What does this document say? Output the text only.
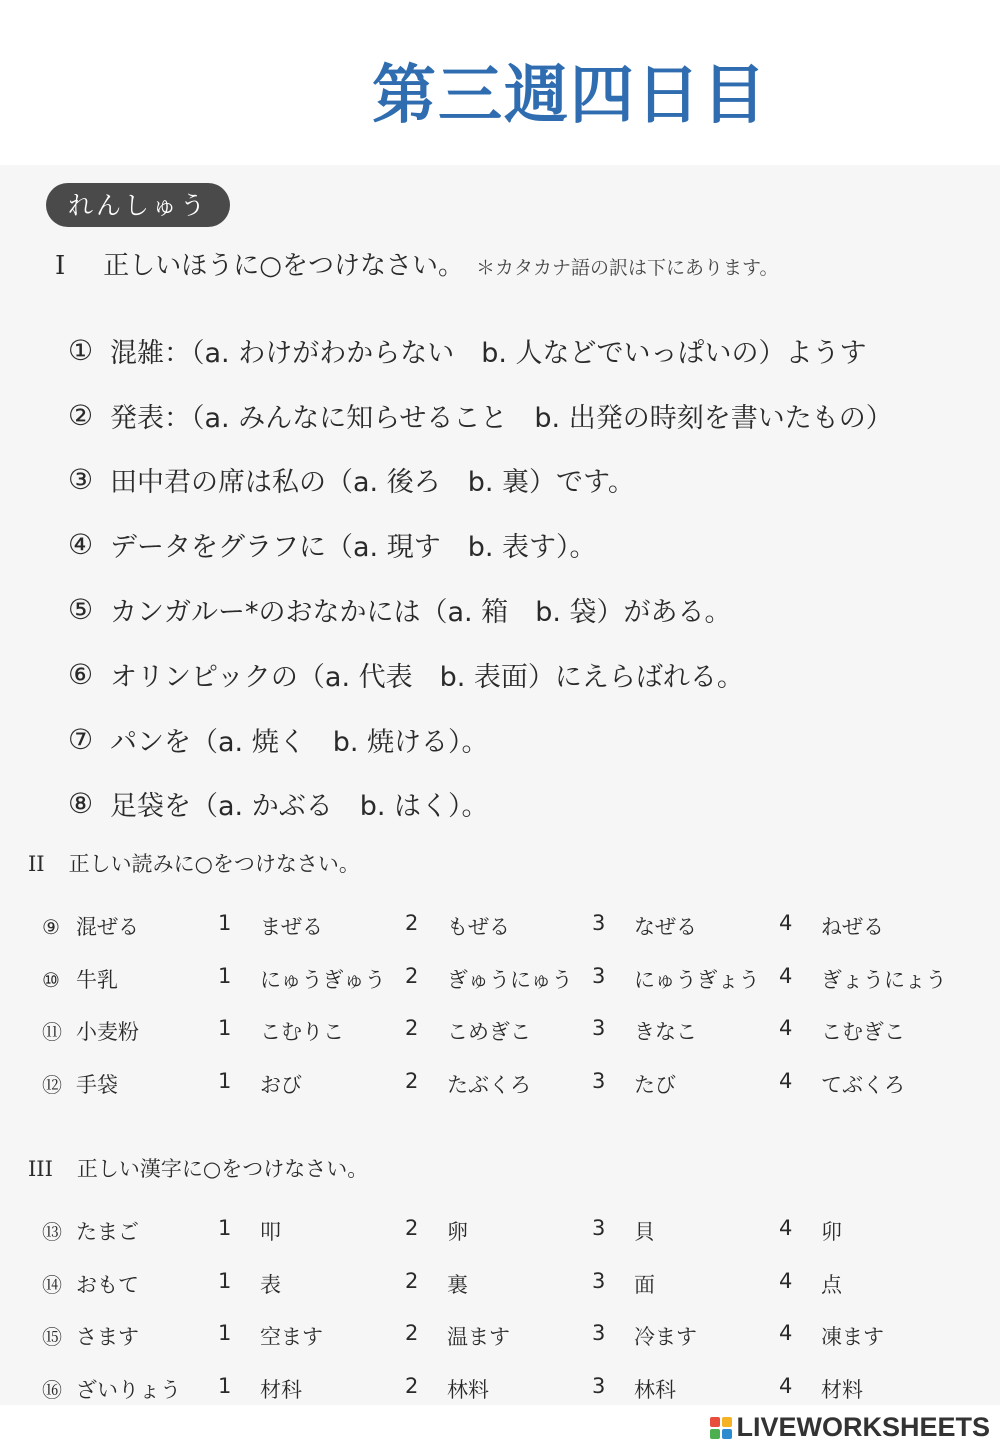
第三週四日目
れんしゅう
I 正しいほうに○をつけなさい。 ＊カタカナ語の訳は下にあります。
① 混雑：（a. わけがわからない　b. 人などでいっぱいの）ようす
② 発表：（a. みんなに知らせること　b. 出発の時刻を書いたもの）
③ 田中君の席は私の（a. 後ろ　b. 裏）です。
④ データをグラフに（a. 現す　b. 表す）。
⑤ カンガルー*のおなかには（a. 箱　b. 袋）がある。
⑥ オリンピックの（a. 代表　b. 表面）にえらばれる。
⑦ パンを（a. 焼く　b. 焼ける）。
⑧ 足袋を（a. かぶる　b. はく）。
II 正しい読みに○をつけなさい。
⑨ 混ぜる	1	まぜる	2	もぜる	3	なぜる	4	ねぜる
⑩ 牛乳	1	にゅうぎゅう 2	ぎゅうにゅう 3	にゅうぎょう 4	ぎょうにょう
⑪ 小麦粉	1	こむりこ	2	こめぎこ	3	きなこ	4	こむぎこ
⑫ 手袋	1	おび	2	たぶくろ	3	たび	4	てぶくろ
III 正しい漢字に○をつけなさい。
⑬ たまご	1	叩	2	卵	3	貝	4	卯
⑭ おもて	1	表	2	裏	3	面	4	点
⑮ さます	1	空ます	2	温ます	3	冷ます	4	凍ます
⑯ ざいりょう	1	材科	2	林料	3	林科	4	材料
LIVEWORKSHEETS
